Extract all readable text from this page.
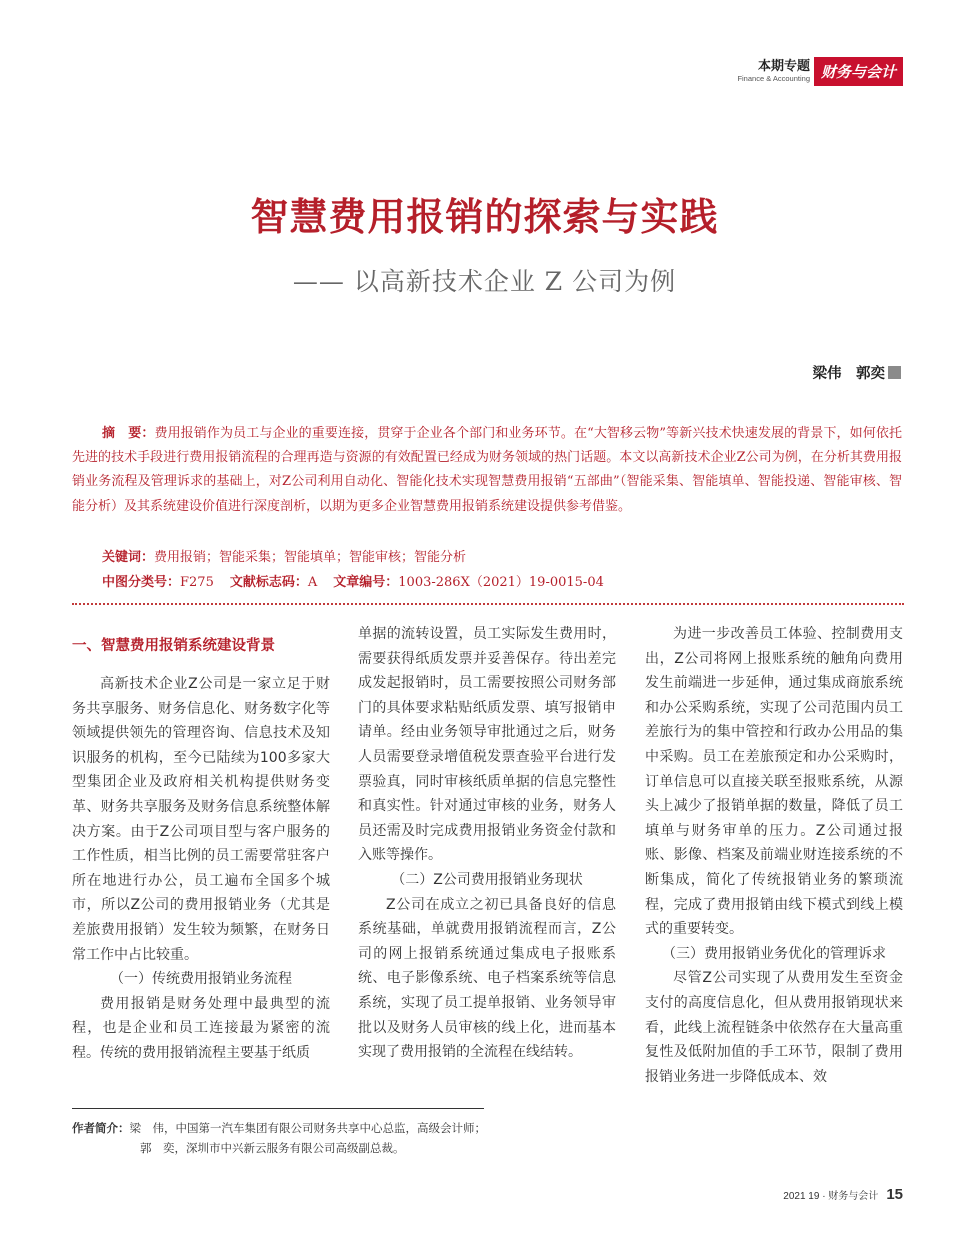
本期专题
Finance & Accounting 财务与会计
智慧费用报销的探索与实践
—— 以高新技术企业 Z 公司为例
梁伟　郭奕
摘　要：费用报销作为员工与企业的重要连接，贯穿于企业各个部门和业务环节。在“大智移云物”等新兴技术快速发展的背景下，如何依托先进的技术手段进行费用报销流程的合理再造与资源的有效配置已经成为财务领域的热门话题。本文以高新技术企业Z公司为例，在分析其费用报销业务流程及管理诉求的基础上，对Z公司利用自动化、智能化技术实现智慧费用报销“五部曲”（智能采集、智能填单、智能投递、智能审核、智能分析）及其系统建设价值进行深度剖析，以期为更多企业智慧费用报销系统建设提供参考借鉴。
关键词：费用报销；智能采集；智能填单；智能审核；智能分析
中图分类号：F275 文献标志码：A 文章编号：1003-286X（2021）19-0015-04
一、智慧费用报销系统建设背景

高新技术企业Z公司是一家立足于财务共享服务、财务信息化、财务数字化等领域提供领先的管理咨询、信息技术及知识服务的机构，至今已陆续为100多家大型集团企业及政府相关机构提供财务变革、财务共享服务及财务信息系统整体解决方案。由于Z公司项目型与客户服务的工作性质，相当比例的员工需要常驻客户所在地进行办公，员工遍布全国多个城市，所以Z公司的费用报销业务（尤其是差旅费用报销）发生较为频繁，在财务日常工作中占比较重。

（一）传统费用报销业务流程

费用报销是财务处理中最典型的流程，也是企业和员工连接最为紧密的流程。传统的费用报销流程主要基于纸质

单据的流转设置，员工实际发生费用时，需要获得纸质发票并妥善保存。待出差完成发起报销时，员工需要按照公司财务部门的具体要求粘贴纸质发票、填写报销申请单。经由业务领导审批通过之后，财务人员需要登录增值税发票查验平台进行发票验真，同时审核纸质单据的信息完整性和真实性。针对通过审核的业务，财务人员还需及时完成费用报销业务资金付款和入账等操作。

（二）Z公司费用报销业务现状

Z公司在成立之初已具备良好的信息系统基础，单就费用报销流程而言，Z公司的网上报销系统通过集成电子报账系统、电子影像系统、电子档案系统等信息系统，实现了员工提单报销、业务领导审批以及财务人员审核的线上化，进而基本实现了费用报销的全流程在线结转。

为进一步改善员工体验、控制费用支出，Z公司将网上报账系统的触角向费用发生前端进一步延伸，通过集成商旅系统和办公采购系统，实现了公司范围内员工差旅行为的集中管控和行政办公用品的集中采购。员工在差旅预定和办公采购时，订单信息可以直接关联至报账系统，从源头上减少了报销单据的数量，降低了员工填单与财务审单的压力。Z公司通过报账、影像、档案及前端业财连接系统的不断集成，简化了传统报销业务的繁琐流程，完成了费用报销由线下模式到线上模式的重要转变。

（三）费用报销业务优化的管理诉求

尽管Z公司实现了从费用发生至资金支付的高度信息化，但从费用报销现状来看，此线上流程链条中依然存在大量高重复性及低附加值的手工环节，限制了费用报销业务进一步降低成本、效

作者简介：梁　伟，中国第一汽车集团有限公司财务共享中心总监，高级会计师；
郭　奕，深圳市中兴新云服务有限公司高级副总裁。
2021 19 · 财务与会计 15
